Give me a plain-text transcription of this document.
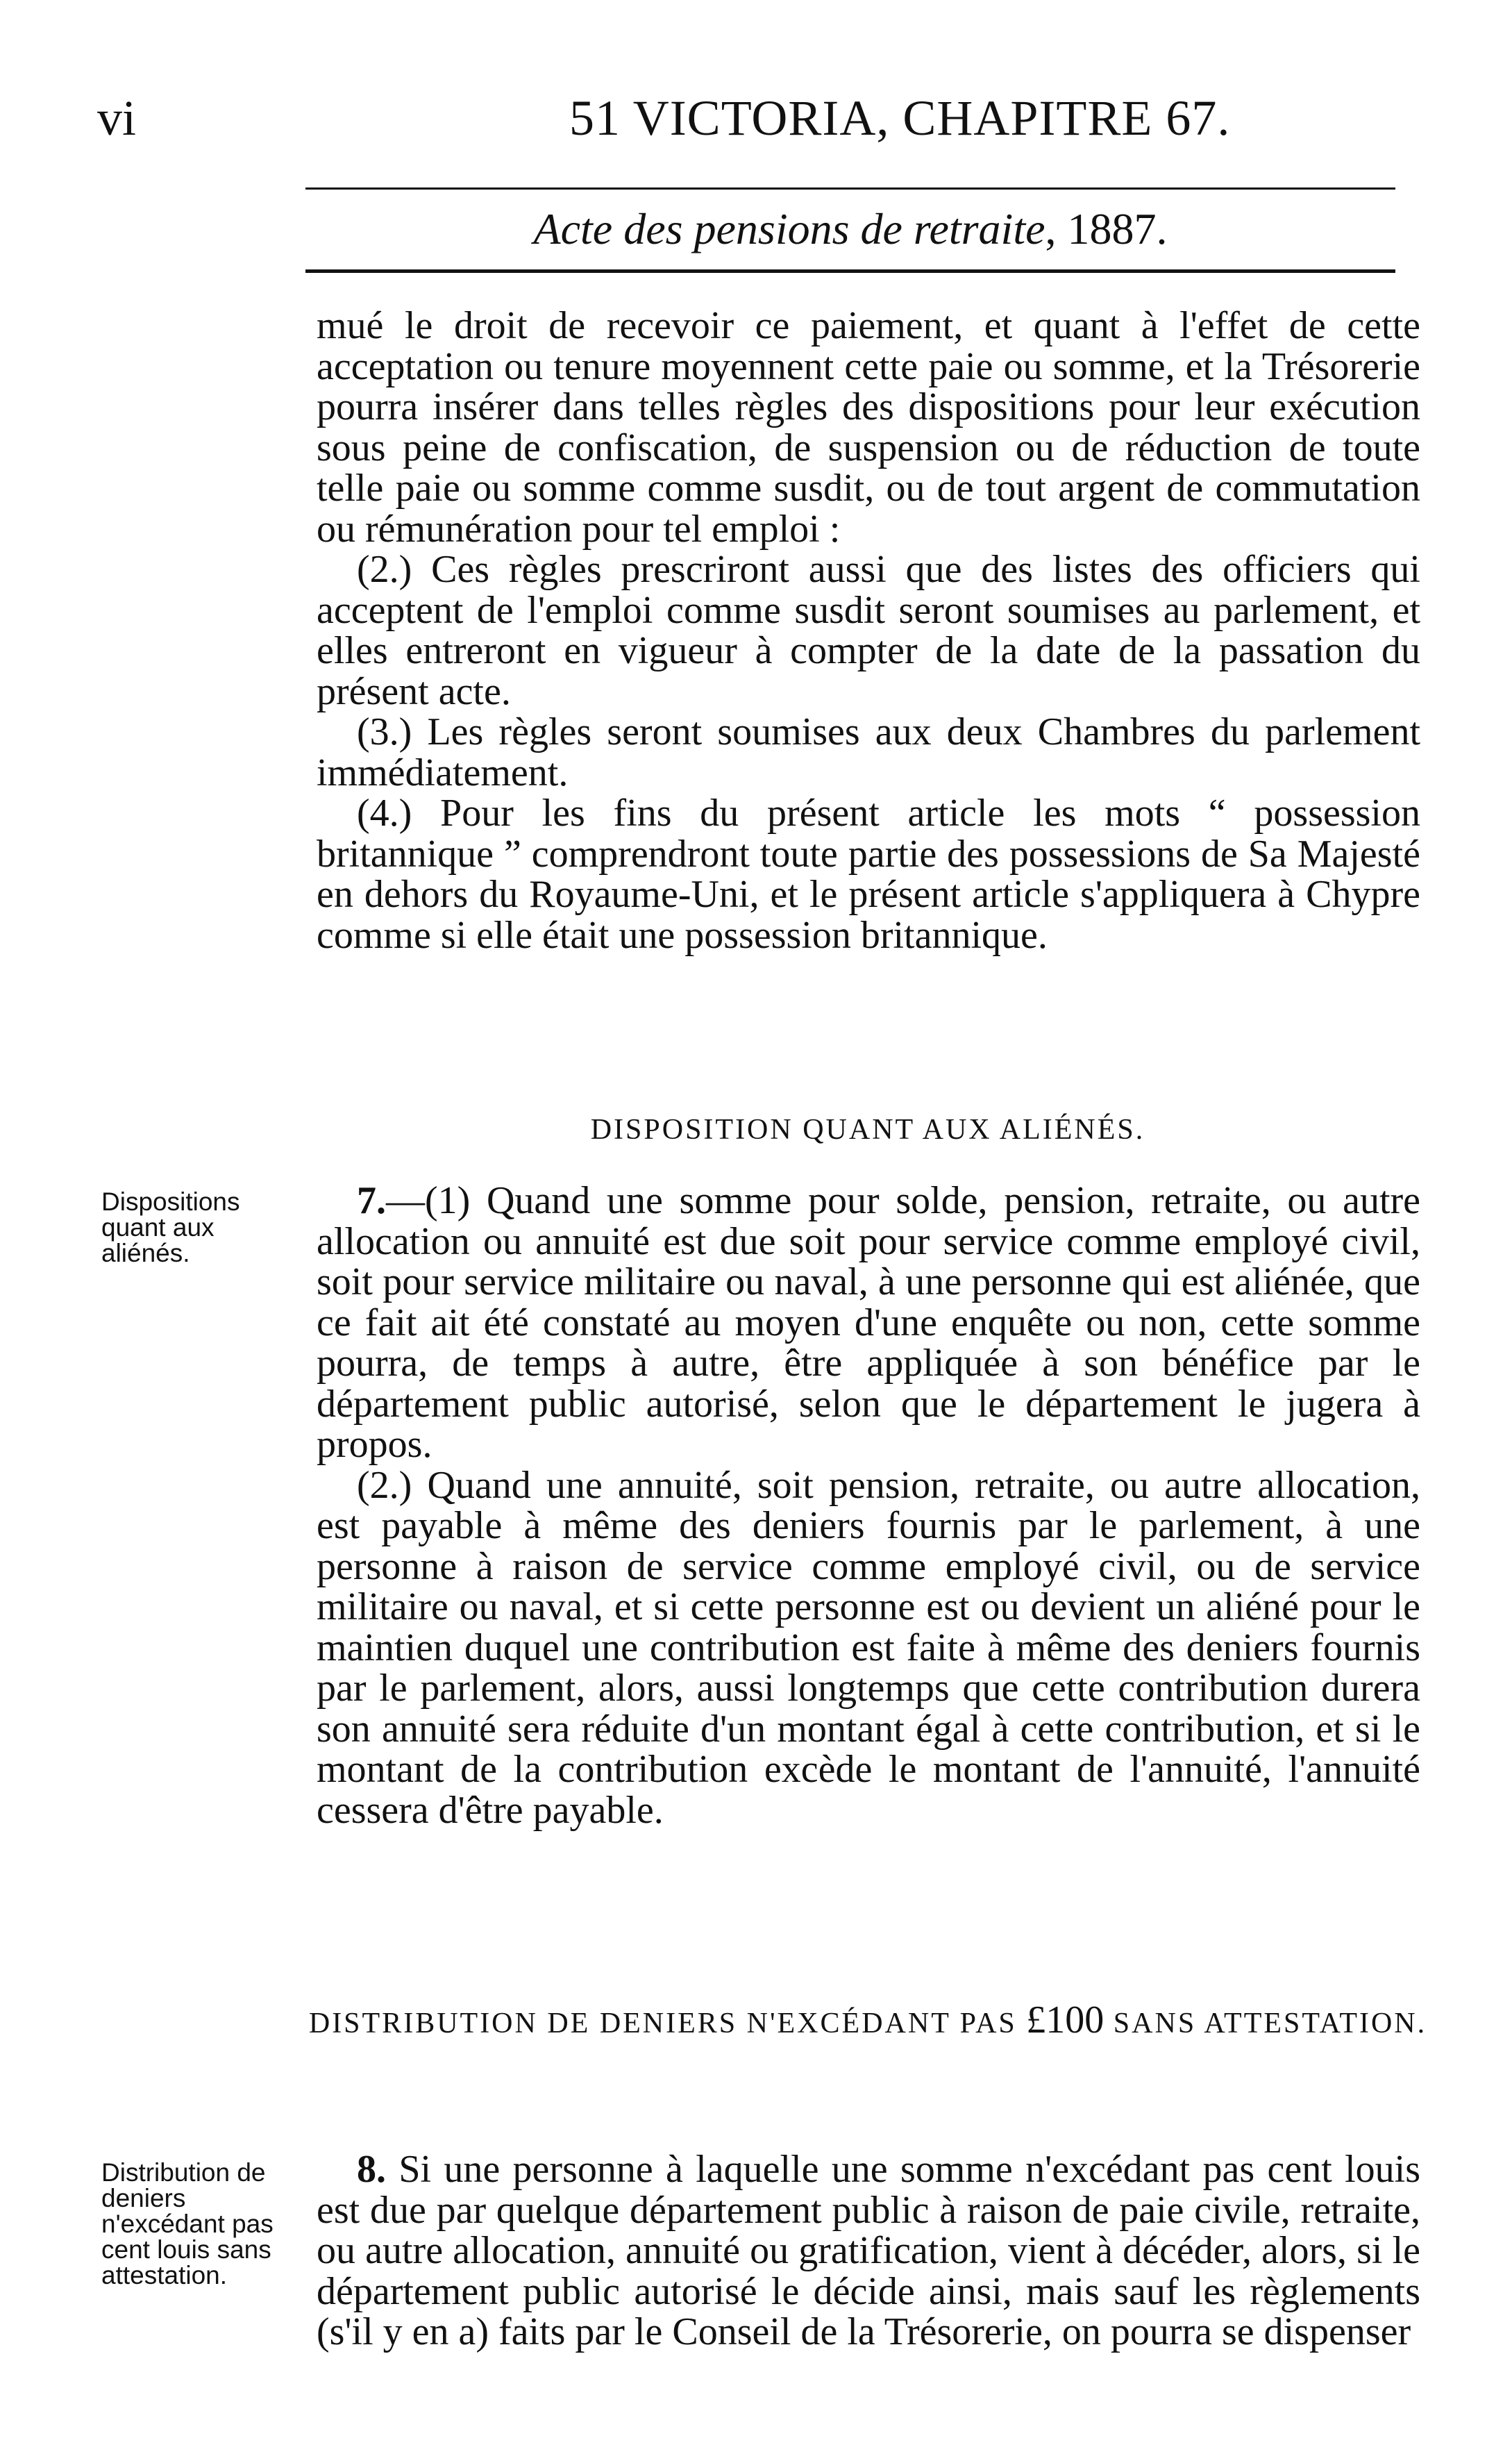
vi	51 VICTORIA, CHAPITRE 67.
Acte des pensions de retraite, 1887.

mué le droit de recevoir ce paiement, et quant à l'effet de cette acceptation ou tenure moyennent cette paie ou somme, et la Trésorerie pourra insérer dans telles règles des dispositions pour leur exécution sous peine de confiscation, de suspension ou de réduction de toute telle paie ou somme comme susdit, ou de tout argent de commutation ou rémunération pour tel emploi :

(2.) Ces règles prescriront aussi que des listes des officiers qui acceptent de l'emploi comme susdit seront soumises au parlement, et elles entreront en vigueur à compter de la date de la passation du présent acte.

(3.) Les règles seront soumises aux deux Chambres du parlement immédiatement.

(4.) Pour les fins du présent article les mots “ possession britannique ” comprendront toute partie des possessions de Sa Majesté en dehors du Royaume-Uni, et le présent article s'appliquera à Chypre comme si elle était une possession britannique.

DISPOSITION QUANT AUX ALIÉNÉS.
Dispositions quant aux aliénés.

7.—(1) Quand une somme pour solde, pension, retraite, ou autre allocation ou annuité est due soit pour service comme employé civil, soit pour service militaire ou naval, à une personne qui est aliénée, que ce fait ait été constaté au moyen d'une enquête ou non, cette somme pourra, de temps à autre, être appliquée à son bénéfice par le département public autorisé, selon que le département le jugera à propos.

(2.) Quand une annuité, soit pension, retraite, ou autre allocation, est payable à même des deniers fournis par le parlement, à une personne à raison de service comme employé civil, ou de service militaire ou naval, et si cette personne est ou devient un aliéné pour le maintien duquel une contribution est faite à même des deniers fournis par le parlement, alors, aussi longtemps que cette contribution durera son annuité sera réduite d'un montant égal à cette contribution, et si le montant de la contribution excède le montant de l'annuité, l'annuité cessera d'être payable.

DISTRIBUTION DE DENIERS N'EXCÉDANT PAS £100 SANS ATTESTATION.
Distribution de deniers n'excédant pas cent louis sans attestation.

8. Si une personne à laquelle une somme n'excédant pas cent louis est due par quelque département public à raison de paie civile, retraite, ou autre allocation, annuité ou gratification, vient à décéder, alors, si le département public autorisé le décide ainsi, mais sauf les règlements (s'il y en a) faits par le Conseil de la Trésorerie, on pourra se dispenser
